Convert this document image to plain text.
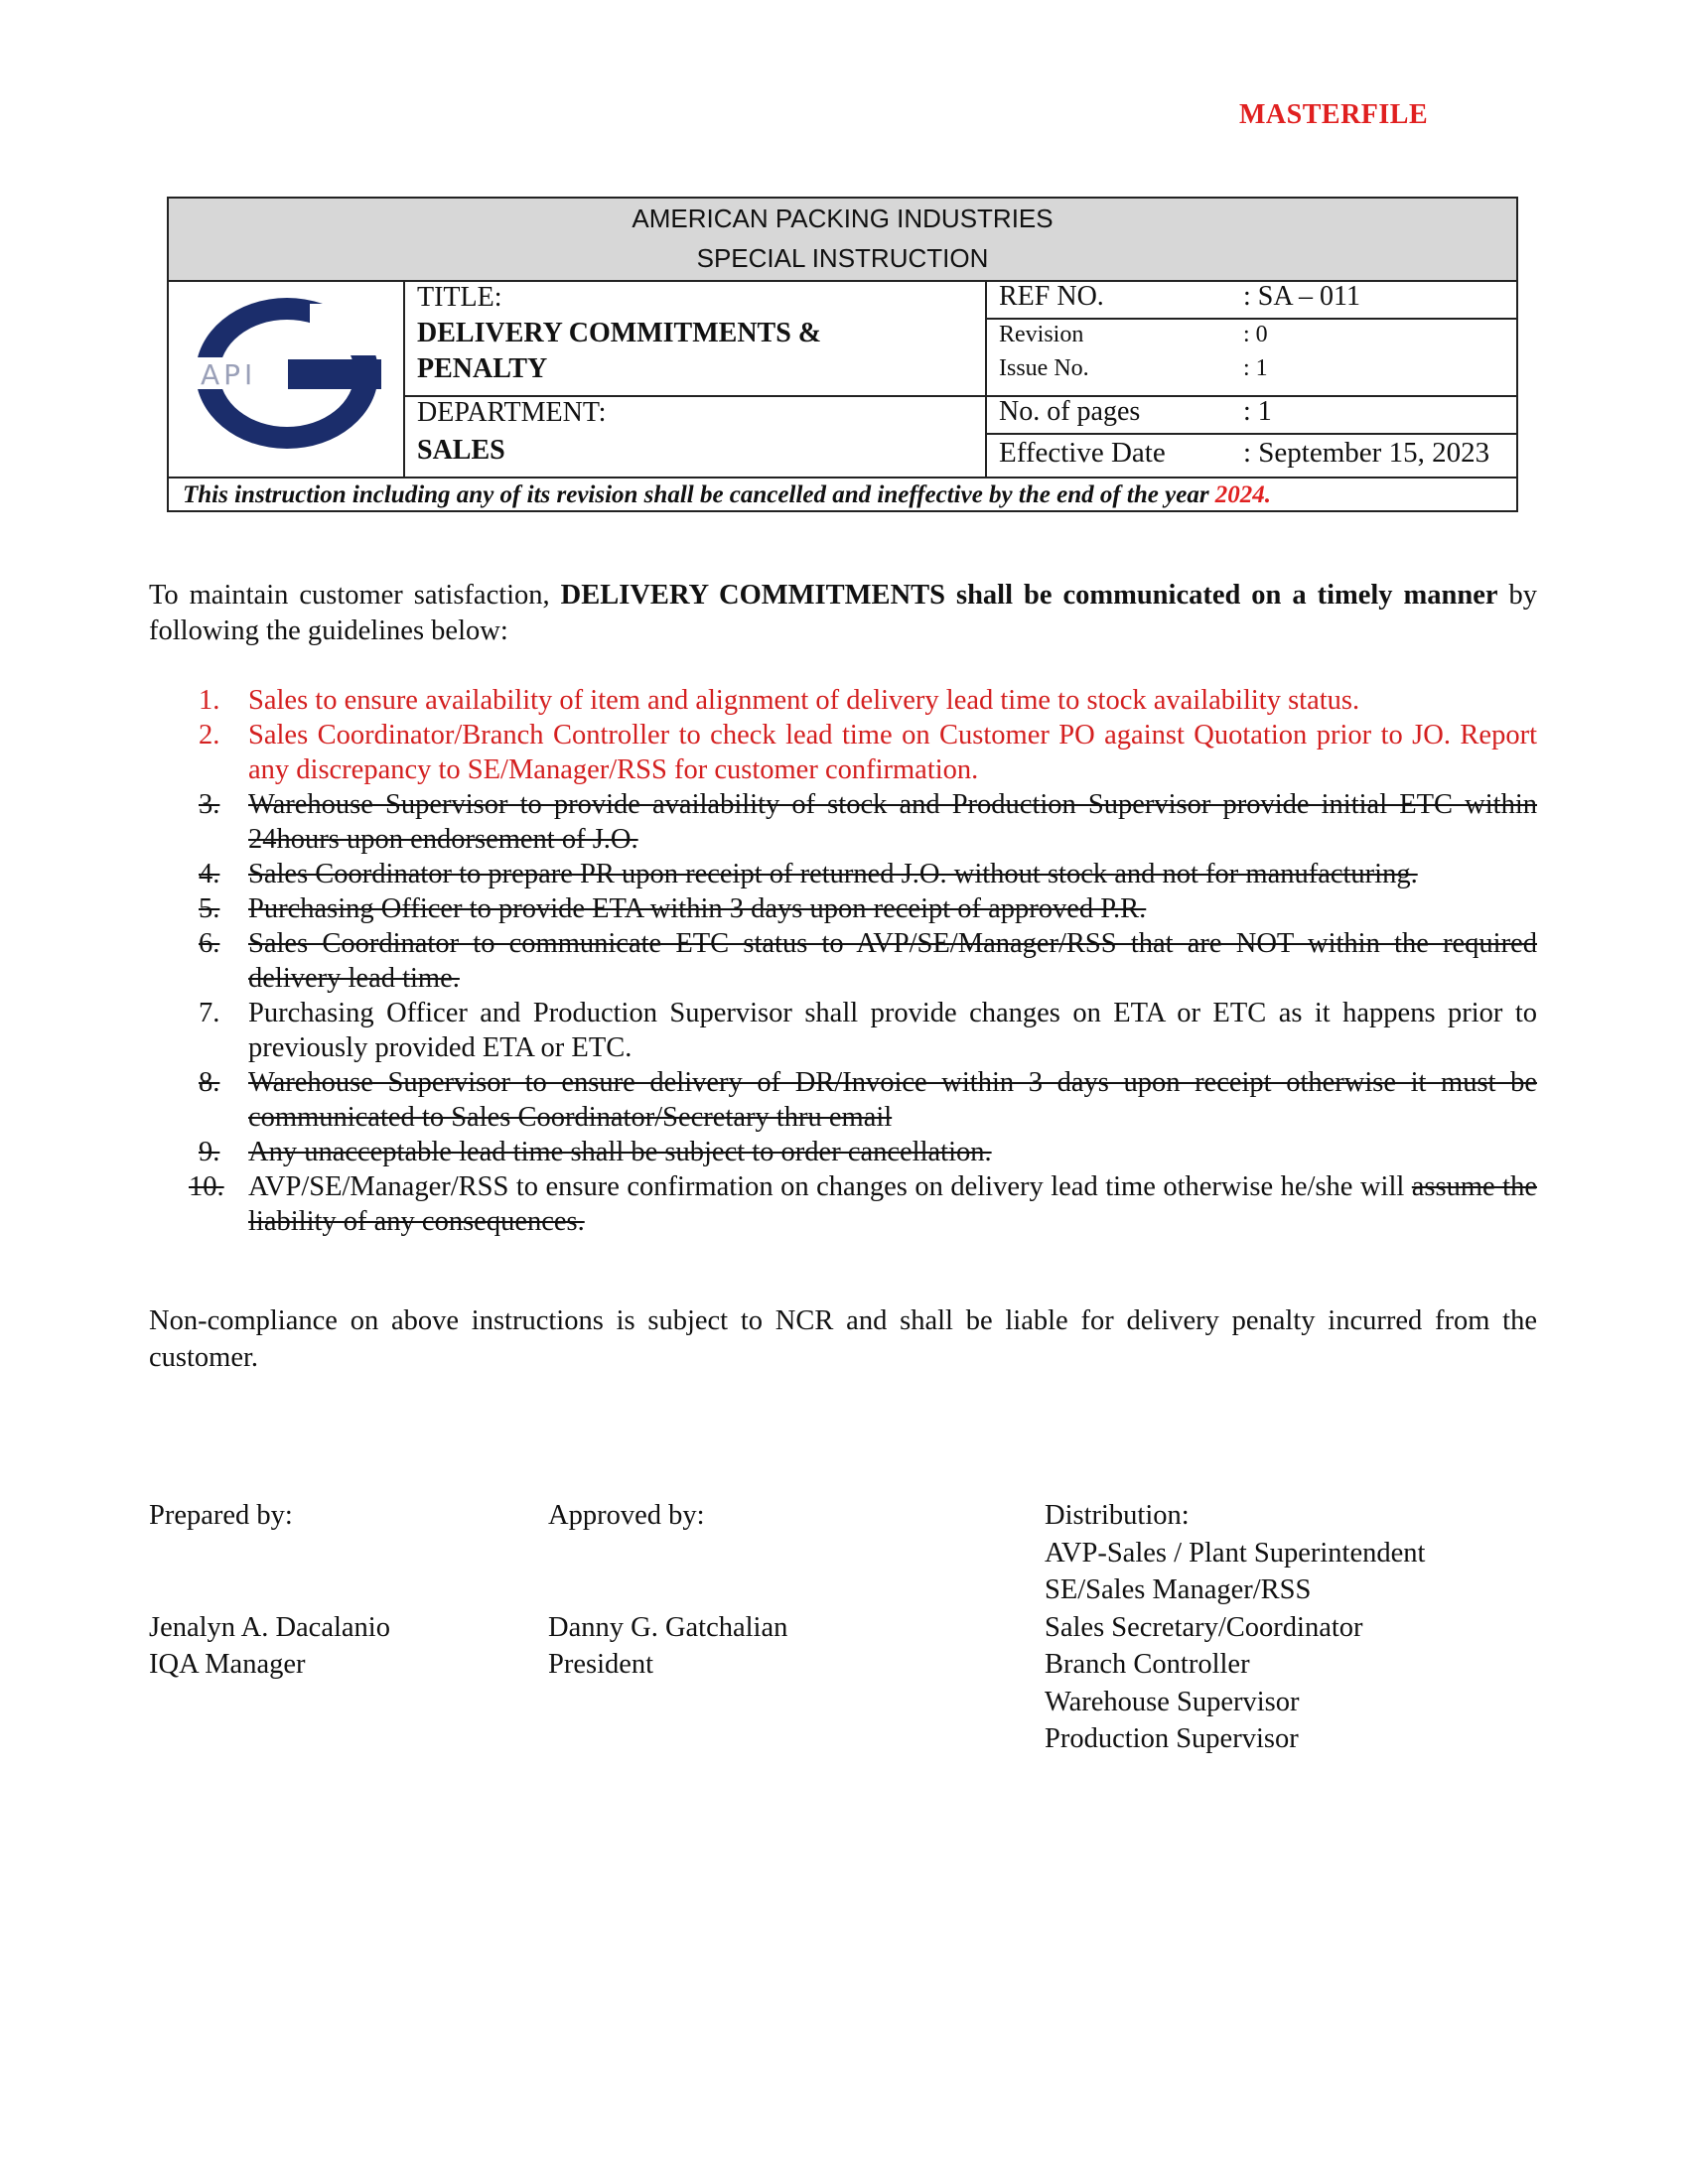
MASTERFILE
AMERICAN PACKING INDUSTRIES
SPECIAL INSTRUCTION
API
TITLE:
DELIVERY COMMITMENTS &
PENALTY
DEPARTMENT:
SALES
REF NO.	: SA – 011
Revision	: 0
Issue No.	: 1
No. of pages	: 1
Effective Date	: September 15, 2023
This instruction including any of its revision shall be cancelled and ineffective by the end of the year 2024.
To maintain customer satisfaction, DELIVERY COMMITMENTS shall be communicated on a timely manner by following the guidelines below:
1. Sales to ensure availability of item and alignment of delivery lead time to stock availability status.
2. Sales Coordinator/Branch Controller to check lead time on Customer PO against Quotation prior to JO. Report any discrepancy to SE/Manager/RSS for customer confirmation.
3. Warehouse Supervisor to provide availability of stock and Production Supervisor provide initial ETC within 24hours upon endorsement of J.O.
4. Sales Coordinator to prepare PR upon receipt of returned J.O. without stock and not for manufacturing.
5. Purchasing Officer to provide ETA within 3 days upon receipt of approved P.R.
6. Sales Coordinator to communicate ETC status to AVP/SE/Manager/RSS that are NOT within the required delivery lead time.
7. Purchasing Officer and Production Supervisor shall provide changes on ETA or ETC as it happens prior to previously provided ETA or ETC.
8. Warehouse Supervisor to ensure delivery of DR/Invoice within 3 days upon receipt otherwise it must be communicated to Sales Coordinator/Secretary thru email
9. Any unacceptable lead time shall be subject to order cancellation.
10. AVP/SE/Manager/RSS to ensure confirmation on changes on delivery lead time otherwise he/she will assume the liability of any consequences.
Non-compliance on above instructions is subject to NCR and shall be liable for delivery penalty incurred from the customer.
Prepared by:
Jenalyn A. Dacalanio
IQA Manager
Approved by:
Danny G. Gatchalian
President
Distribution:
AVP-Sales / Plant Superintendent
SE/Sales Manager/RSS
Sales Secretary/Coordinator
Branch Controller
Warehouse Supervisor
Production Supervisor
